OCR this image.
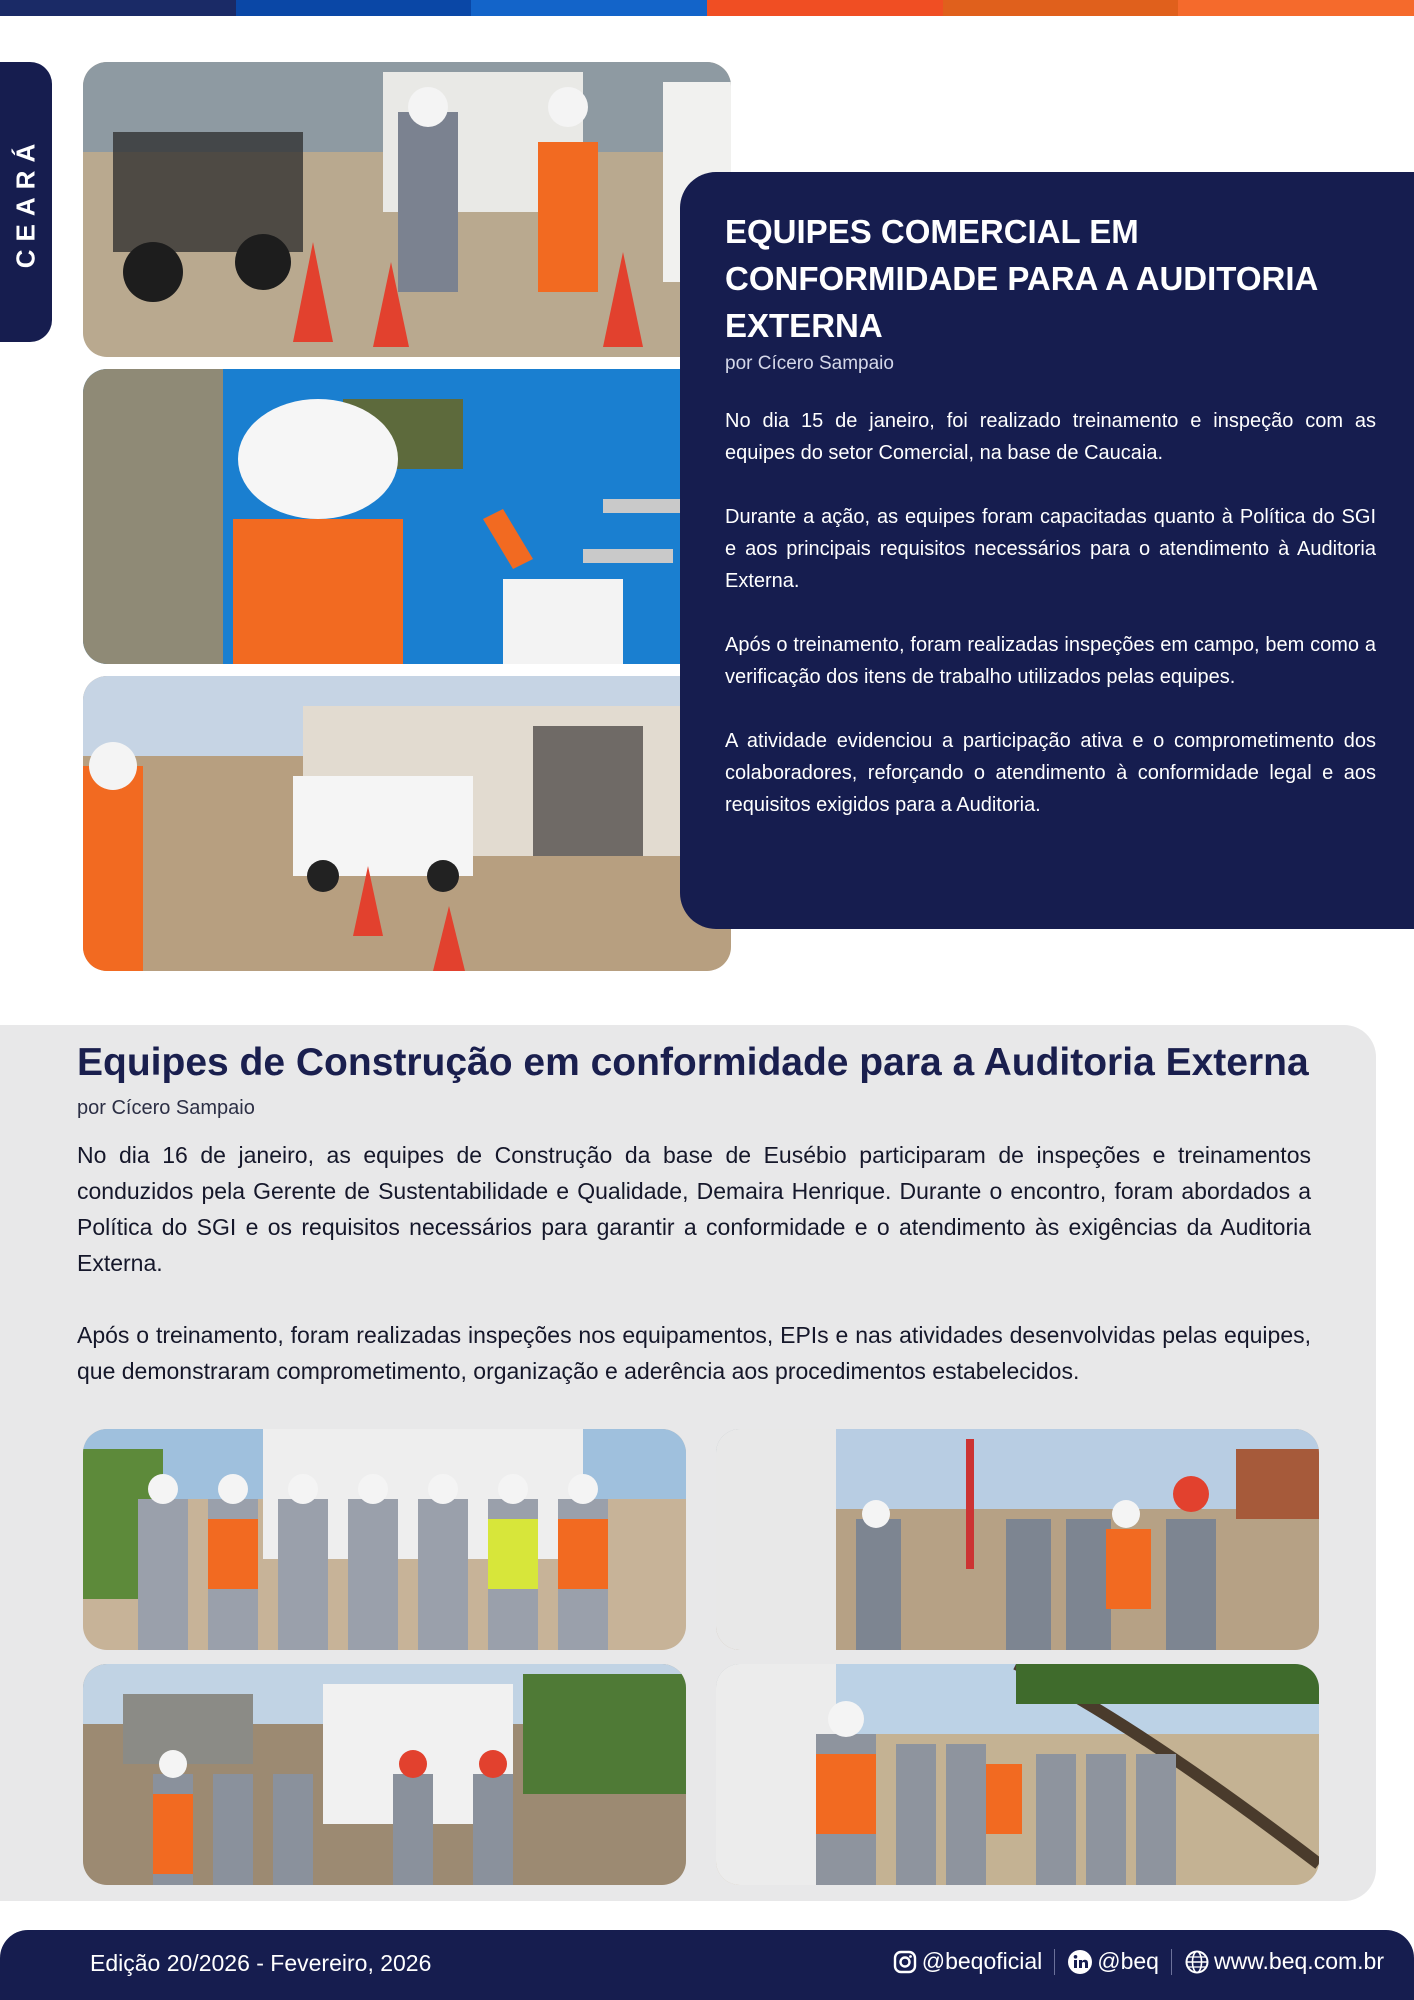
CEARÁ	EQUIPES COMERCIAL EM CONFORMIDADE PARA A AUDITORIA EXTERNA
por Cícero Sampaio

No dia 15 de janeiro, foi realizado treinamento e inspeção com as equipes do setor Comercial, na base de Caucaia.

Durante a ação, as equipes foram capacitadas quanto à Política do SGI e aos principais requisitos necessários para o atendimento à Auditoria Externa.

Após o treinamento, foram realizadas inspeções em campo, bem como a verificação dos itens de trabalho utilizados pelas equipes.

A atividade evidenciou a participação ativa e o comprometimento dos colaboradores, reforçando o atendimento à conformidade legal e aos requisitos exigidos para a Auditoria.

Equipes de Construção em conformidade para a Auditoria Externa
por Cícero Sampaio

No dia 16 de janeiro, as equipes de Construção da base de Eusébio participaram de inspeções e treinamentos conduzidos pela Gerente de Sustentabilidade e Qualidade, Demaira Henrique. Durante o encontro, foram abordados a Política do SGI e os requisitos necessários para garantir a conformidade e o atendimento às exigências da Auditoria Externa.

Após o treinamento, foram realizadas inspeções nos equipamentos, EPIs e nas atividades desenvolvidas pelas equipes, que demonstraram comprometimento, organização e aderência aos procedimentos estabelecidos.

Edição 20/2026 - Fevereiro, 2026	@beqoficial @beq www.beq.com.br
